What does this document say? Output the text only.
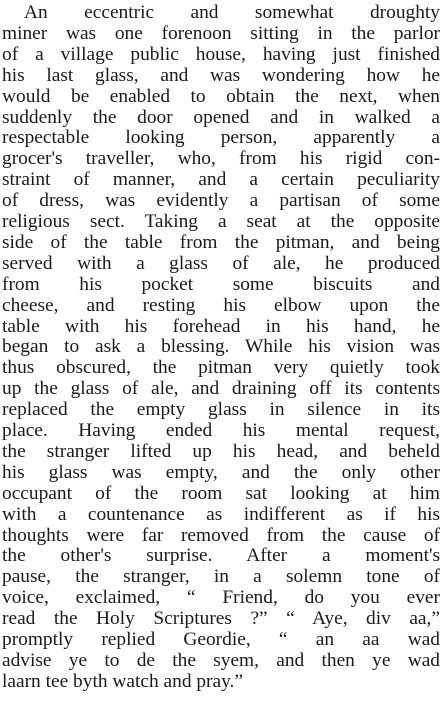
An eccentric and somewhat droughty
miner was one forenoon sitting in the parlor
of a village public house, having just finished
his last glass, and was wondering how he
would be enabled to obtain the next, when
suddenly the door opened and in walked a
respectable looking person, apparently a
grocer's traveller, who, from his rigid con-
straint of manner, and a certain peculiarity
of dress, was evidently a partisan of some
religious sect. Taking a seat at the opposite
side of the table from the pitman, and being
served with a glass of ale, he produced
from his pocket some biscuits and
cheese, and resting his elbow upon the
table with his forehead in his hand, he
began to ask a blessing. While his vision was
thus obscured, the pitman very quietly took
up the glass of ale, and draining off its contents
replaced the empty glass in silence in its
place. Having ended his mental request,
the stranger lifted up his head, and beheld
his glass was empty, and the only other
occupant of the room sat looking at him
with a countenance as indifferent as if his
thoughts were far removed from the cause of
the other's surprise. After a moment's
pause, the stranger, in a solemn tone of
voice, exclaimed, “ Friend, do you ever
read the Holy Scriptures ?” “ Aye, div aa,”
promptly replied Geordie, “ an aa wad
advise ye to de the syem, and then ye wad
laarn tee byth watch and pray.”
